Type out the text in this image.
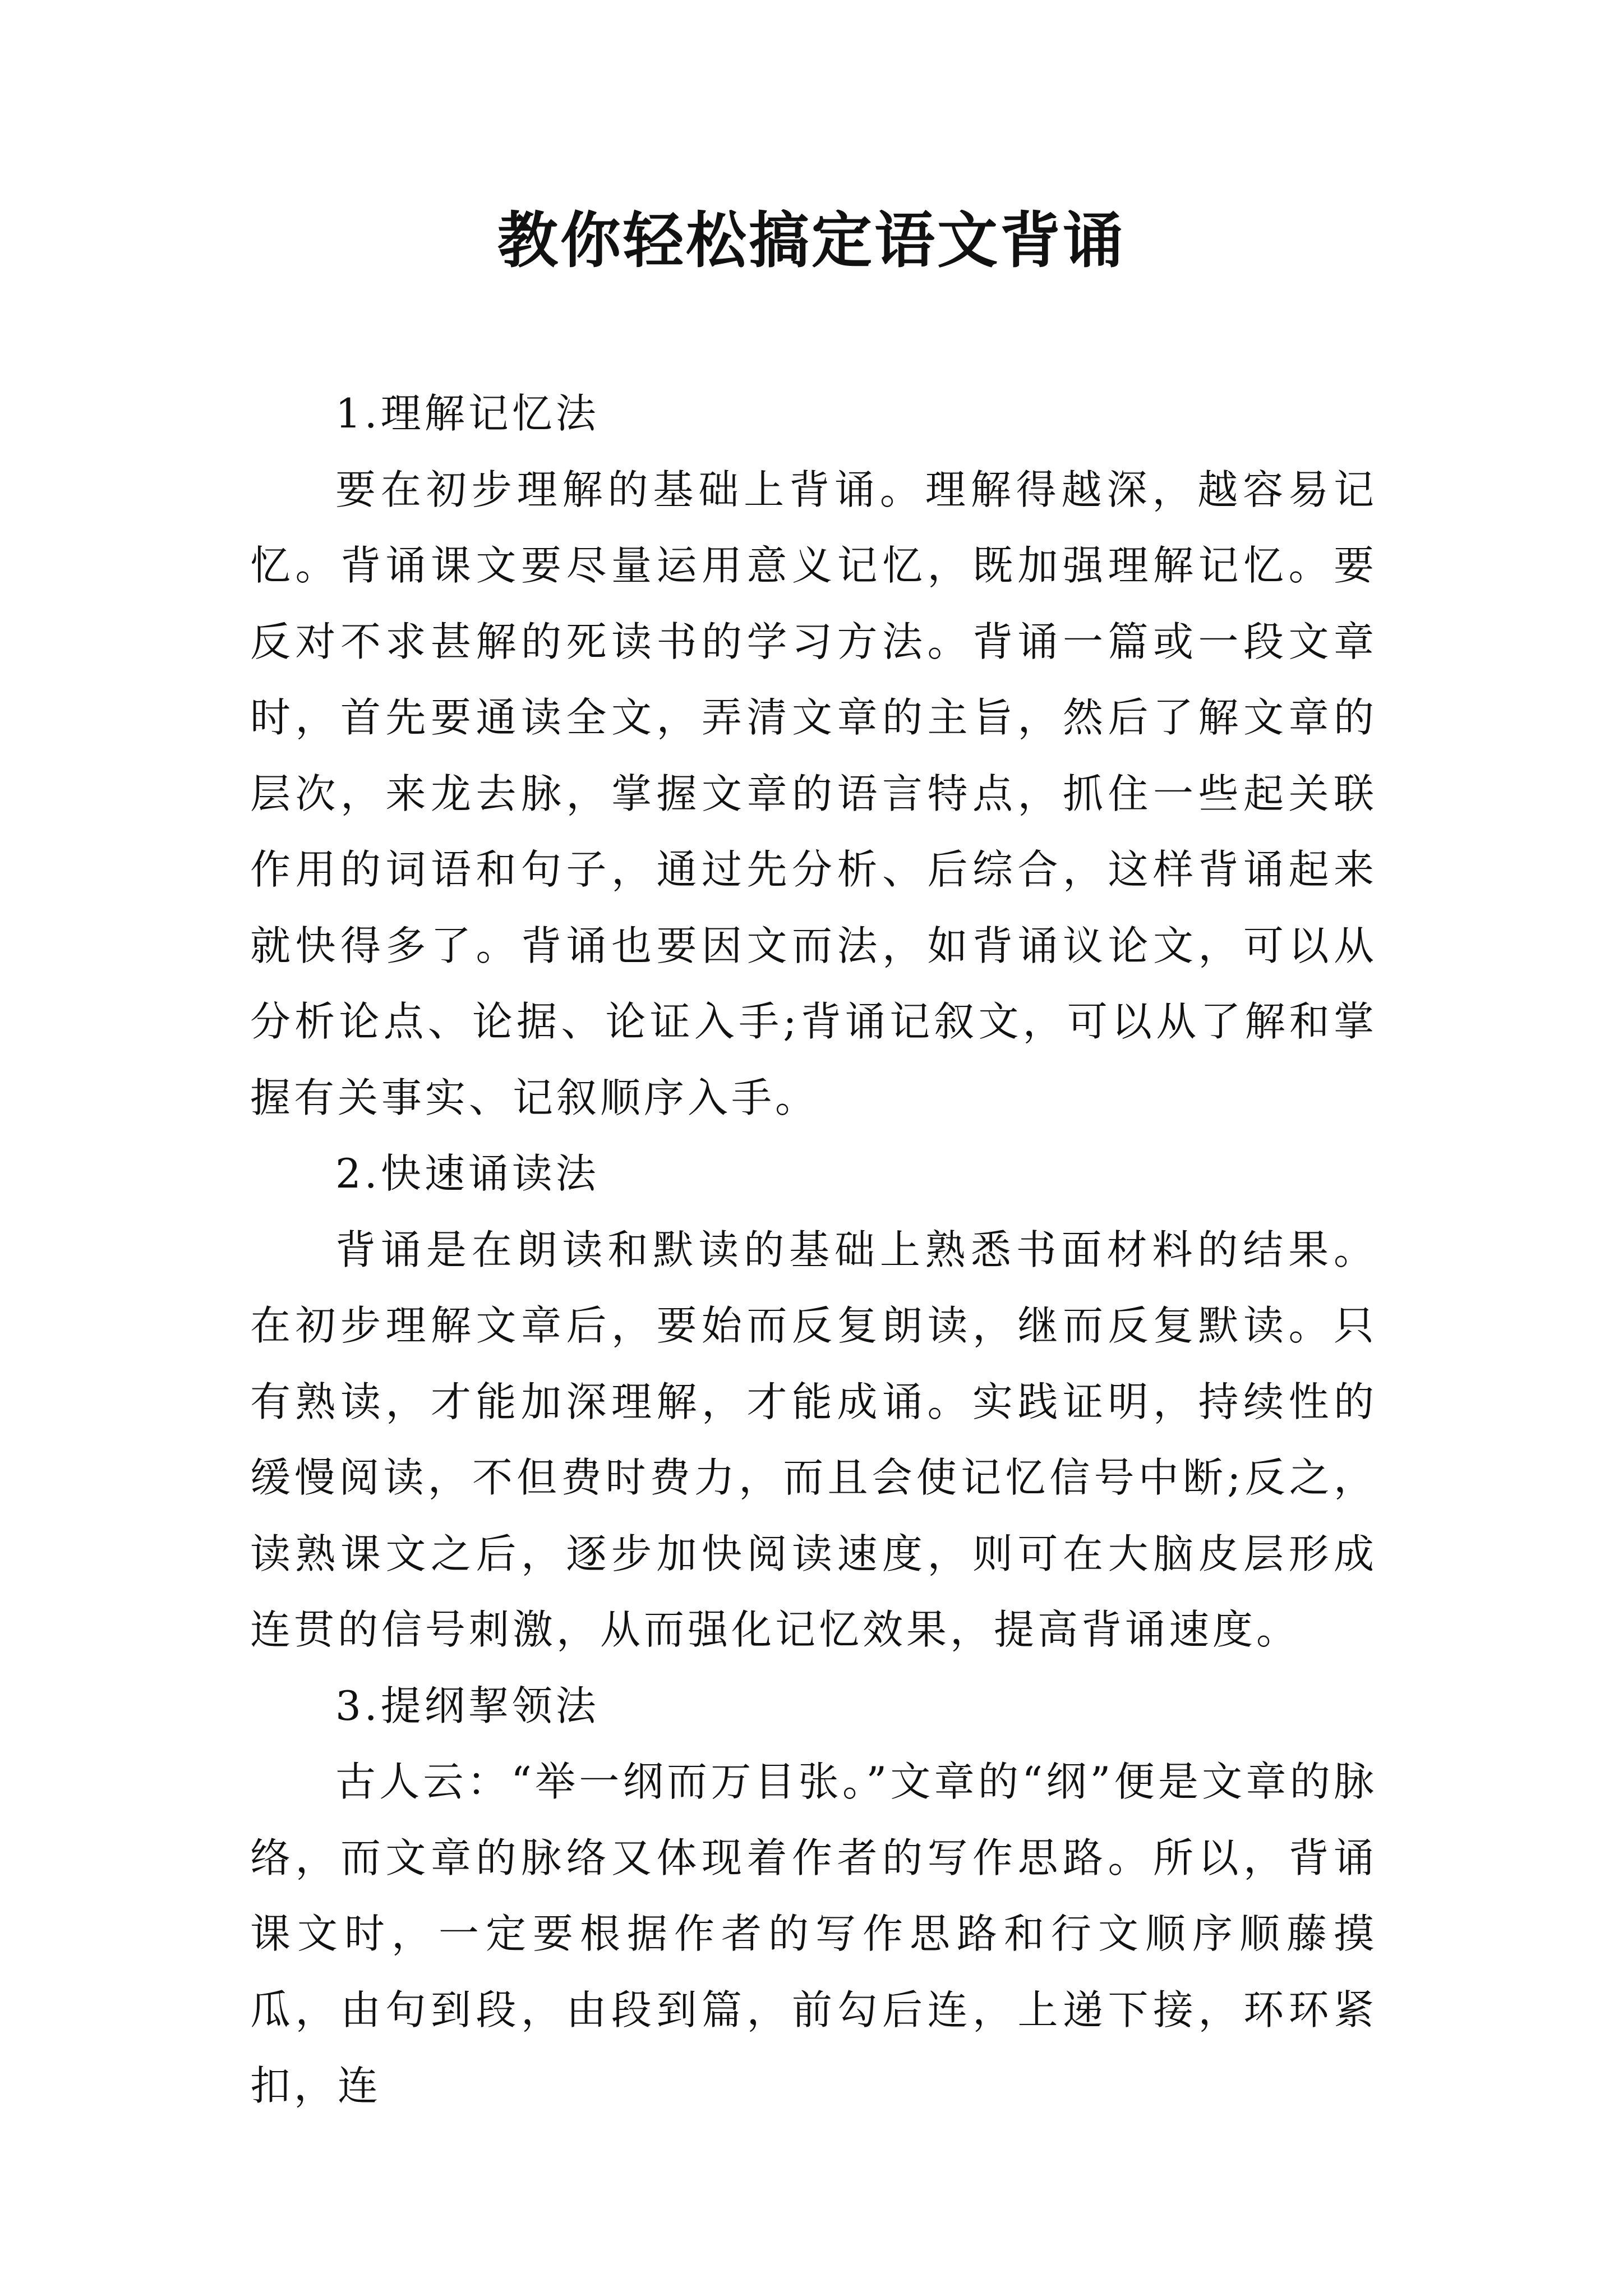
教你轻松搞定语文背诵

1.理解记忆法

要在初步理解的基础上背诵。理解得越深，越容易记忆。背诵课文要尽量运用意义记忆，既加强理解记忆。要反对不求甚解的死读书的学习方法。背诵一篇或一段文章时，首先要通读全文，弄清文章的主旨，然后了解文章的层次，来龙去脉，掌握文章的语言特点，抓住一些起关联作用的词语和句子，通过先分析、后综合，这样背诵起来就快得多了。背诵也要因文而法，如背诵议论文，可以从分析论点、论据、论证入手;背诵记叙文，可以从了解和掌握有关事实、记叙顺序入手。

2.快速诵读法

背诵是在朗读和默读的基础上熟悉书面材料的结果。在初步理解文章后，要始而反复朗读，继而反复默读。只有熟读，才能加深理解，才能成诵。实践证明，持续性的缓慢阅读，不但费时费力，而且会使记忆信号中断;反之，读熟课文之后，逐步加快阅读速度，则可在大脑皮层形成连贯的信号刺激，从而强化记忆效果，提高背诵速度。

3.提纲挈领法

古人云：“举一纲而万目张。”文章的“纲”便是文章的脉络，而文章的脉络又体现着作者的写作思路。所以，背诵课文时，一定要根据作者的写作思路和行文顺序顺藤摸瓜，由句到段，由段到篇，前勾后连，上递下接，环环紧扣，连
